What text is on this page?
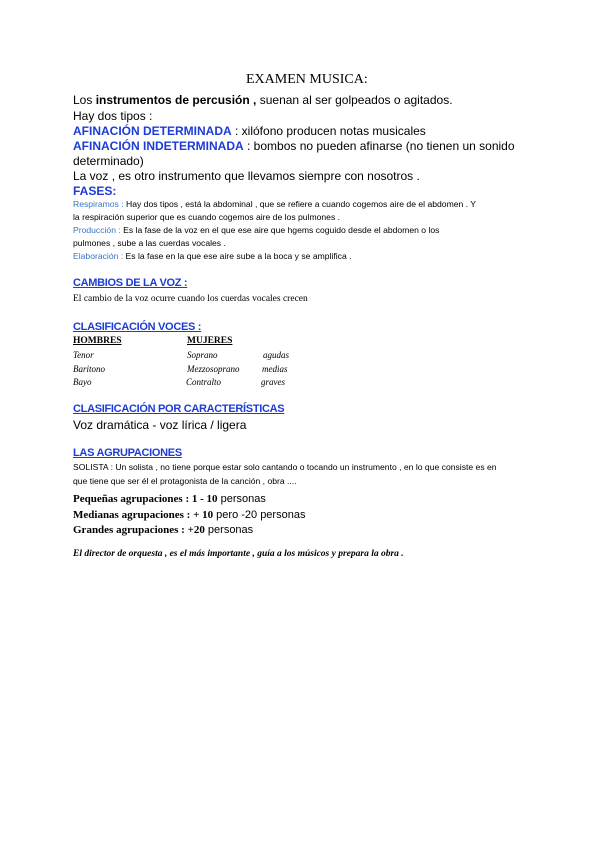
EXAMEN MUSICA:
Los instrumentos de percusión , suenan al ser golpeados o agitados.
Hay dos tipos :
AFINACIÓN DETERMINADA : xilófono producen notas musicales
AFINACIÓN INDETERMINADA : bombos no pueden afinarse (no tienen un sonido
determinado)
La voz , es otro instrumento que llevamos siempre con nosotros .
FASES:
Respiramos : Hay dos tipos , está la abdominal , que se refiere a cuando cogemos aire de el abdomen . Y
la respiración superior que es cuando cogemos aire de los pulmones .
Producción : Es la fase de la voz en el que ese aire que hgems coguido desde el abdomen o los
pulmones , sube a las cuerdas vocales .
Elaboración : Es la fase en la que ese aire sube a la boca y se amplifica .
CAMBIOS DE LA VOZ :
El cambio de la voz ocurre cuando los cuerdas vocales crecen
CLASIFICACIÓN VOCES :
HOMBRES	MUJERES
Tenor	Soprano	agudas
Baritono	Mezzosoprano medias
Bayo	Contralto	graves
CLASIFICACIÓN POR CARACTERÍSTICAS
Voz dramática - voz lírica / ligera
LAS AGRUPACIONES
SOLISTA : Un solista , no tiene porque estar solo cantando o tocando un instrumento , en lo que consiste es en
que tiene que ser él el protagonista de la canción , obra ....
Pequeñas agrupaciones : 1 - 10 personas
Medianas agrupaciones : + 10 pero -20 personas
Grandes agrupaciones : +20 personas
El director de orquesta , es el más importante , guía a los músicos y prepara la obra .
